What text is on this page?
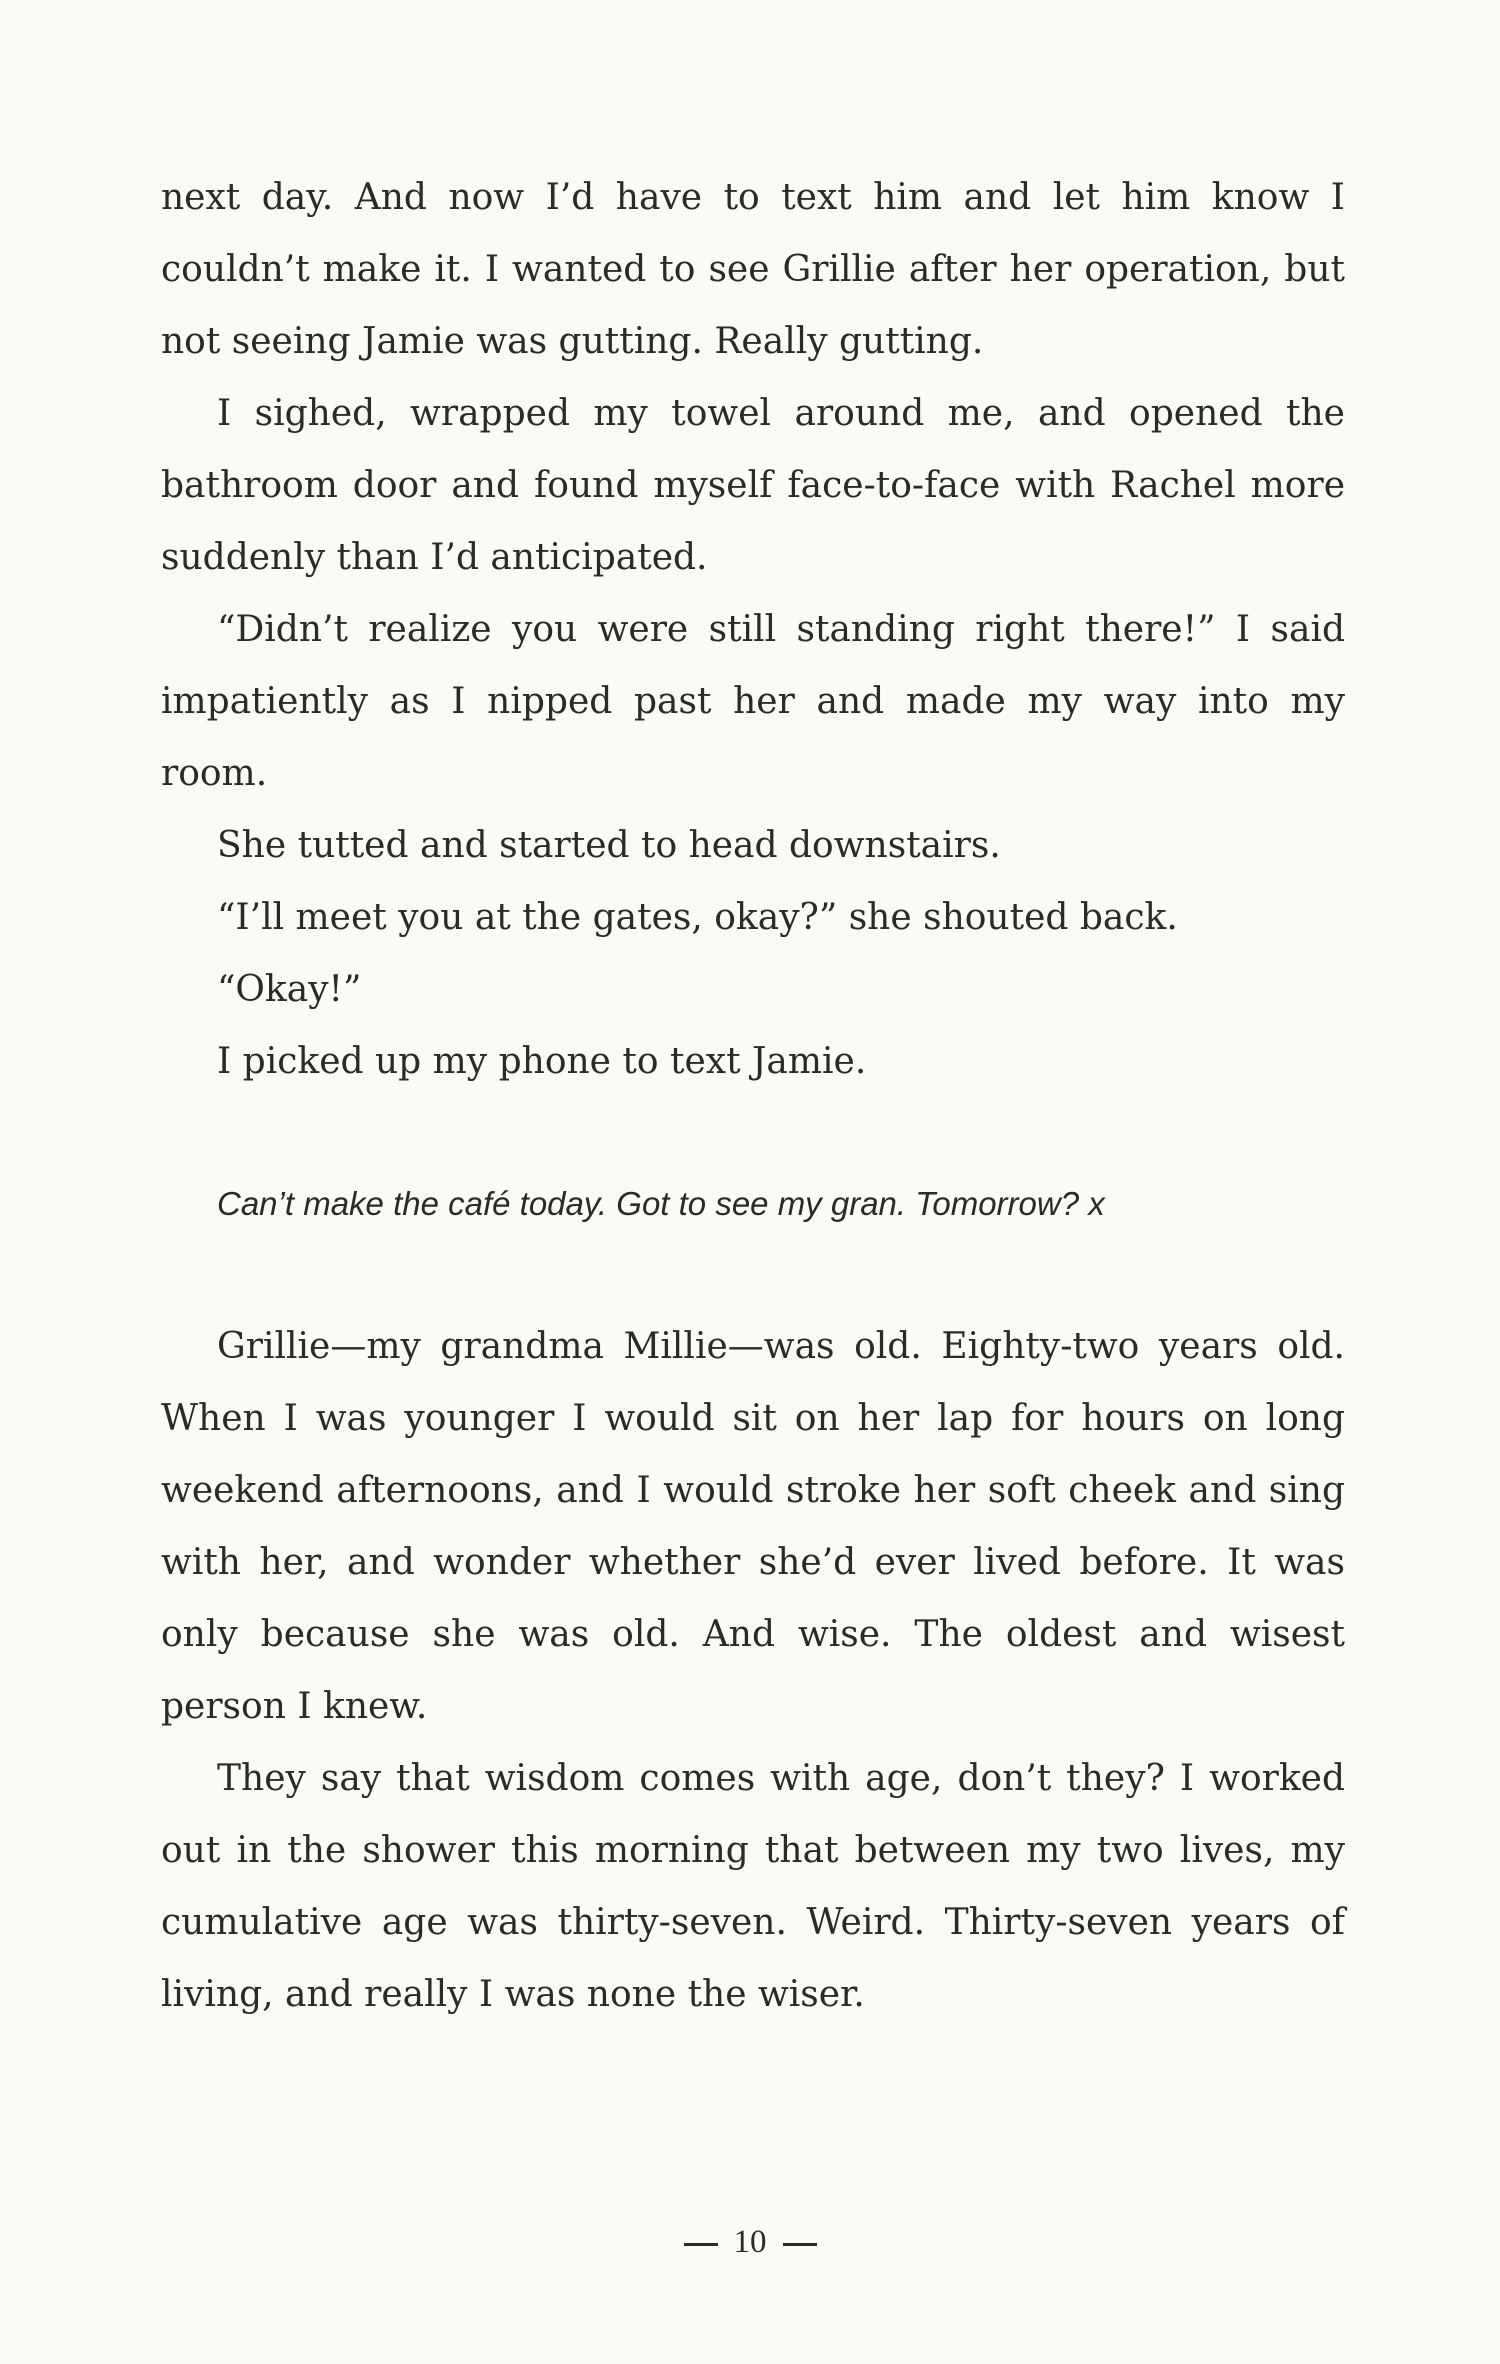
next day. And now I’d have to text him and let him know I couldn’t make it. I wanted to see Grillie after her operation, but not seeing Jamie was gutting. Really gutting.

I sighed, wrapped my towel around me, and opened the bathroom door and found myself face-to-face with Rachel more suddenly than I’d anticipated.

“Didn’t realize you were still standing right there!” I said impatiently as I nipped past her and made my way into my room.

She tutted and started to head downstairs.

“I’ll meet you at the gates, okay?” she shouted back.

“Okay!”

I picked up my phone to text Jamie.

Can’t make the café today. Got to see my gran. Tomorrow? x

Grillie—my grandma Millie—was old. Eighty-two years old. When I was younger I would sit on her lap for hours on long weekend afternoons, and I would stroke her soft cheek and sing with her, and wonder whether she’d ever lived before. It was only because she was old. And wise. The oldest and wisest person I knew.

They say that wisdom comes with age, don’t they? I worked out in the shower this morning that between my two lives, my cumulative age was thirty-seven. Weird. Thirty-seven years of living, and really I was none the wiser.

10
